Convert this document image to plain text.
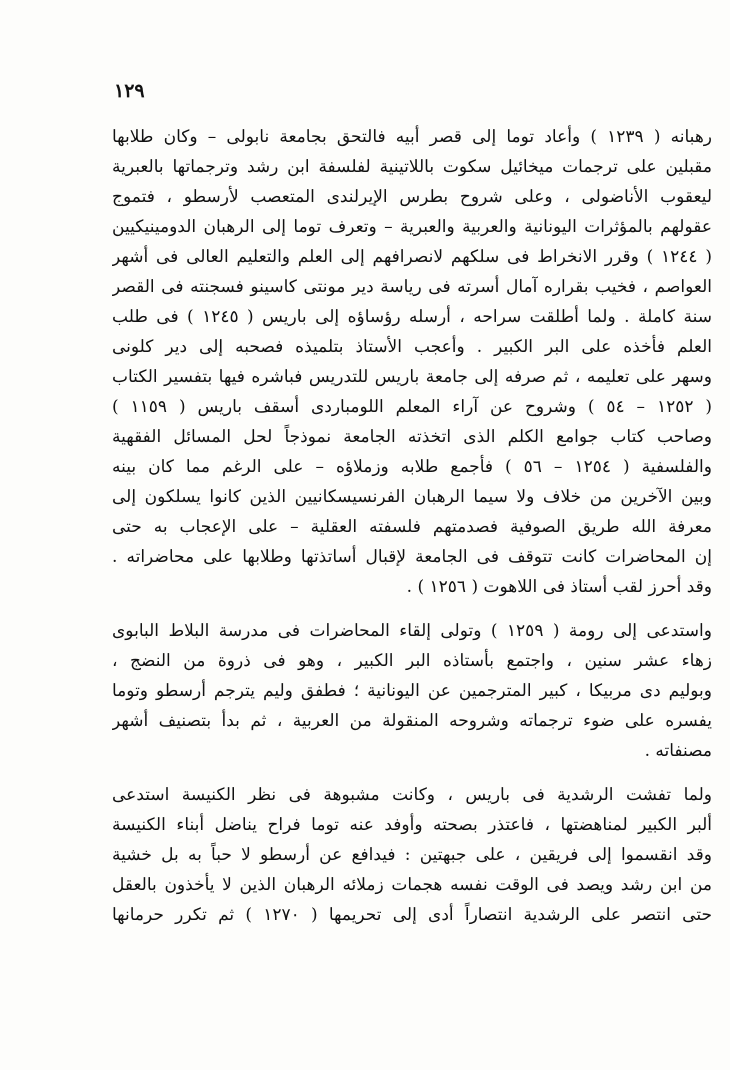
١٢٩
رهبانه ( ١٢٣٩ ) وأعاد توما إلى قصر أبيه فالتحق بجامعة نابولى – وكان طلابها
مقبلين على ترجمات ميخائيل سكوت باللاتينية لفلسفة ابن رشد وترجماتها بالعبرية
ليعقوب الأناضولى ، وعلى شروح بطرس الإيرلندى المتعصب لأرسطو ، فتموج
عقولهم بالمؤثرات اليونانية والعربية والعبرية – وتعرف توما إلى الرهبان الدومينيكيين
( ١٢٤٤ ) وقرر الانخراط فى سلكهم لانصرافهم إلى العلم والتعليم العالى فى أشهر
العواصم ، فخيب بقراره آمال أسرته فى رياسة دير مونتى كاسينو فسجنته فى القصر
سنة كاملة . ولما أطلقت سراحه ، أرسله رؤساؤه إلى باريس ( ١٢٤٥ ) فى طلب
العلم فأخذه على البر الكبير . وأعجب الأستاذ بتلميذه فصحبه إلى دير كلونى
وسهر على تعليمه ، ثم صرفه إلى جامعة باريس للتدريس فباشره فيها بتفسير الكتاب
( ١٢٥٢ – ٥٤ ) وشروح عن آراء المعلم اللومباردى أسقف باريس ( ١١٥٩ )
وصاحب كتاب جوامع الكلم الذى اتخذته الجامعة نموذجاً لحل المسائل الفقهية
والفلسفية ( ١٢٥٤ – ٥٦ ) فأجمع طلابه وزملاؤه – على الرغم مما كان بينه
وبين الآخرين من خلاف ولا سيما الرهبان الفرنسيسكانيين الذين كانوا يسلكون إلى
معرفة الله طريق الصوفية فصدمتهم فلسفته العقلية – على الإعجاب به حتى
إن المحاضرات كانت تتوقف فى الجامعة لإقبال أساتذتها وطلابها على محاضراته .
وقد أحرز لقب أستاذ فى اللاهوت ( ١٢٥٦ ) .
واستدعى إلى رومة ( ١٢٥٩ ) وتولى إلقاء المحاضرات فى مدرسة البلاط البابوى
زهاء عشر سنين ، واجتمع بأستاذه البر الكبير ، وهو فى ذروة من النضج ،
وبوليم دى مربيكا ، كبير المترجمين عن اليونانية ؛ فطفق وليم يترجم أرسطو وتوما
يفسره على ضوء ترجماته وشروحه المنقولة من العربية ، ثم بدأ بتصنيف أشهر
مصنفاته .
ولما تفشت الرشدية فى باريس ، وكانت مشبوهة فى نظر الكنيسة استدعى
ألبر الكبير لمناهضتها ، فاعتذر بصحته وأوفد عنه توما فراح يناضل أبناء الكنيسة
وقد انقسموا إلى فريقين ، على جبهتين : فيدافع عن أرسطو لا حباً به بل خشية
من ابن رشد ويصد فى الوقت نفسه هجمات زملائه الرهبان الذين لا يأخذون بالعقل
حتى انتصر على الرشدية انتصاراً أدى إلى تحريمها ( ١٢٧٠ ) ثم تكرر حرمانها
